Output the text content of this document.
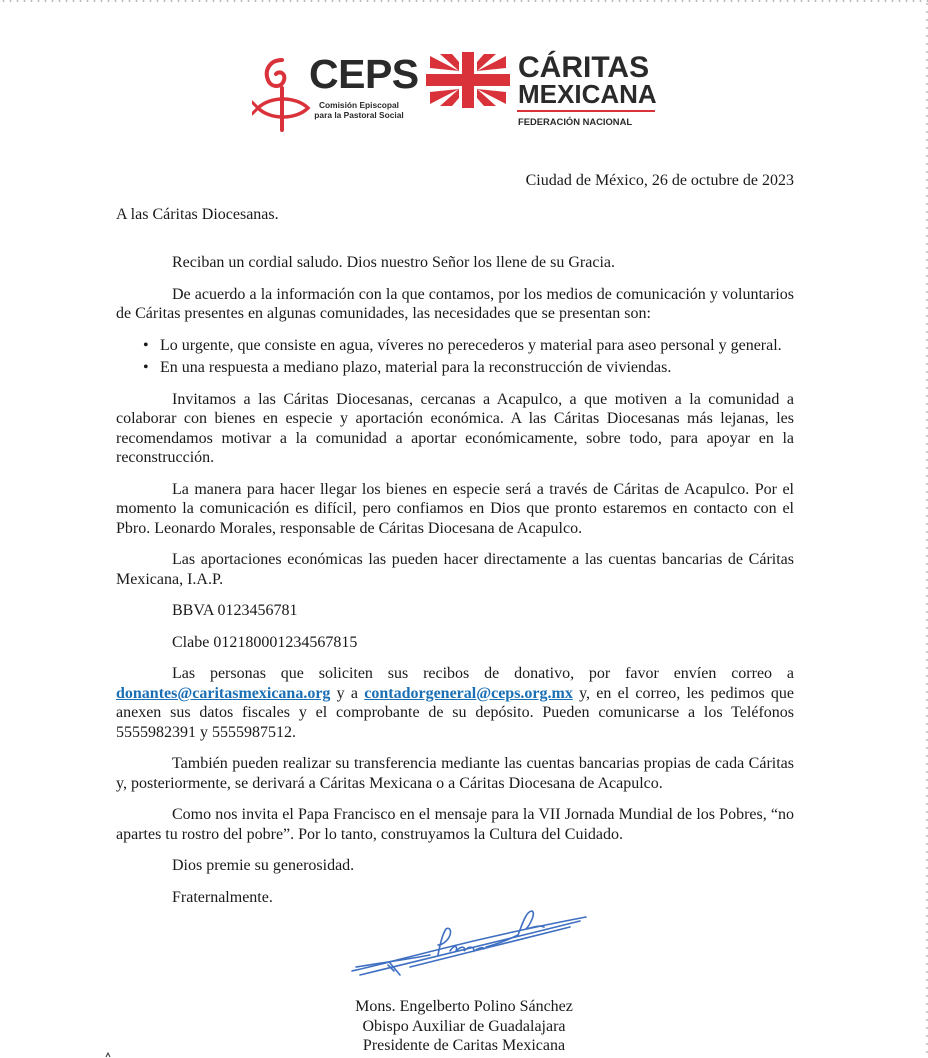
CEPS
Comisión Episcopal
para la Pastoral Social
CÁRITAS
MEXICANA
FEDERACIÓN NACIONAL

Ciudad de México, 26 de octubre de 2023

A las Cáritas Diocesanas.

Reciban un cordial saludo. Dios nuestro Señor los llene de su Gracia.

De acuerdo a la información con la que contamos, por los medios de comunicación y voluntarios de Cáritas presentes en algunas comunidades, las necesidades que se presentan son:

• Lo urgente, que consiste en agua, víveres no perecederos y material para aseo personal y general.
• En una respuesta a mediano plazo, material para la reconstrucción de viviendas.

Invitamos a las Cáritas Diocesanas, cercanas a Acapulco, a que motiven a la comunidad a colaborar con bienes en especie y aportación económica. A las Cáritas Diocesanas más lejanas, les recomendamos motivar a la comunidad a aportar económicamente, sobre todo, para apoyar en la reconstrucción.

La manera para hacer llegar los bienes en especie será a través de Cáritas de Acapulco. Por el momento la comunicación es difícil, pero confiamos en Dios que pronto estaremos en contacto con el Pbro. Leonardo Morales, responsable de Cáritas Diocesana de Acapulco.

Las aportaciones económicas las pueden hacer directamente a las cuentas bancarias de Cáritas Mexicana, I.A.P.

BBVA 0123456781

Clabe 012180001234567815

Las personas que soliciten sus recibos de donativo, por favor envíen correo a donantes@caritasmexicana.org y a contadorgeneral@ceps.org.mx y, en el correo, les pedimos que anexen sus datos fiscales y el comprobante de su depósito. Pueden comunicarse a los Teléfonos 5555982391 y 5555987512.

También pueden realizar su transferencia mediante las cuentas bancarias propias de cada Cáritas y, posteriormente, se derivará a Cáritas Mexicana o a Cáritas Diocesana de Acapulco.

Como nos invita el Papa Francisco en el mensaje para la VII Jornada Mundial de los Pobres, “no apartes tu rostro del pobre”. Por lo tanto, construyamos la Cultura del Cuidado.

Dios premie su generosidad.

Fraternalmente.

Mons. Engelberto Polino Sánchez
Obispo Auxiliar de Guadalajara
Presidente de Caritas Mexicana
